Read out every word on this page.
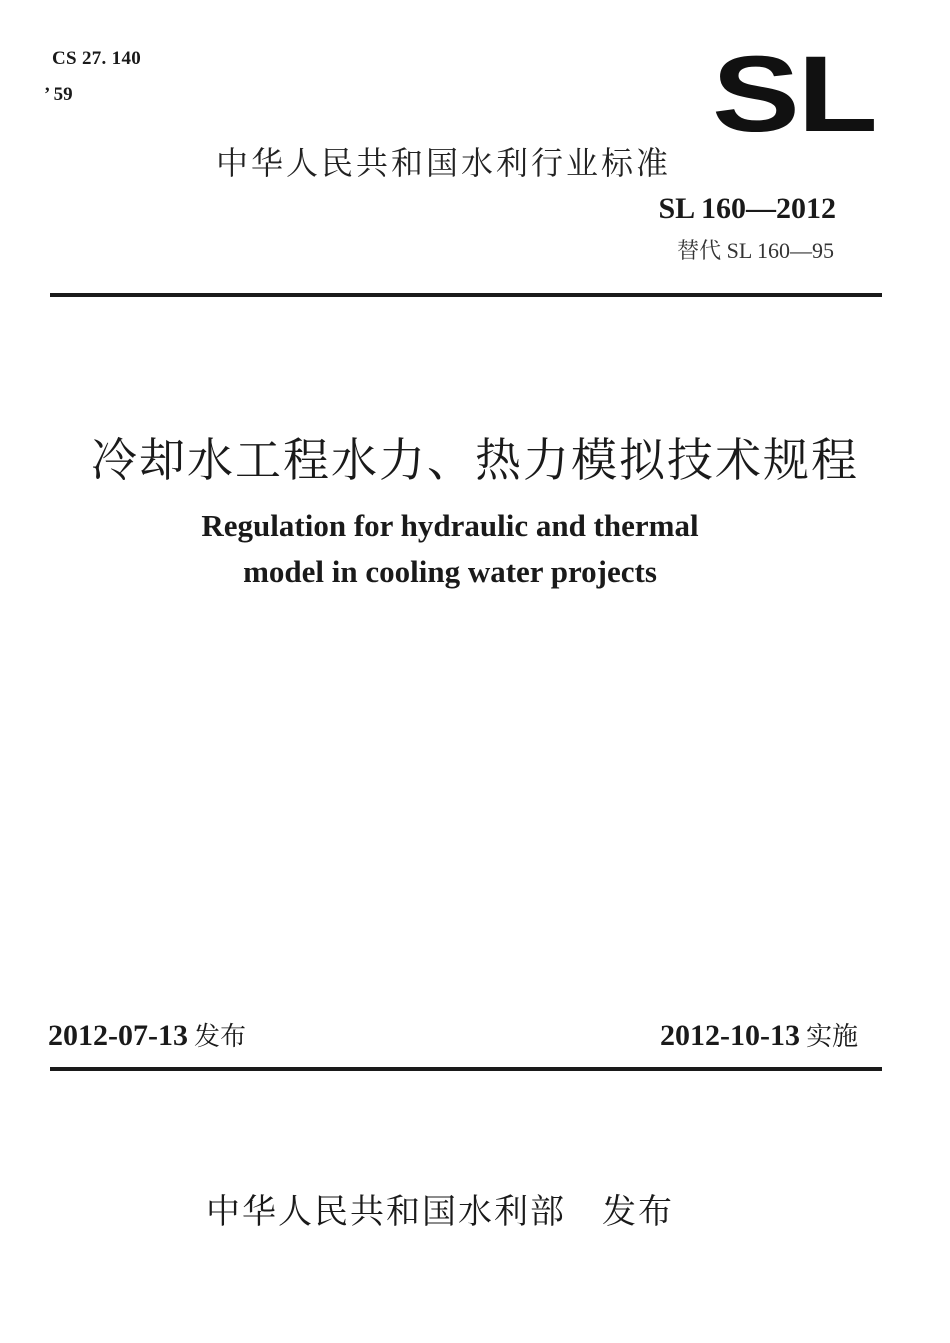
CS 27. 140
’ 59	SL
中华人民共和国水利行业标准
SL 160—2012
替代 SL 160—95
冷却水工程水力、热力模拟技术规程
Regulation for hydraulic and thermal
model in cooling water projects
2012-07-13 发布	2012-10-13 实施
中华人民共和国水利部 发布
